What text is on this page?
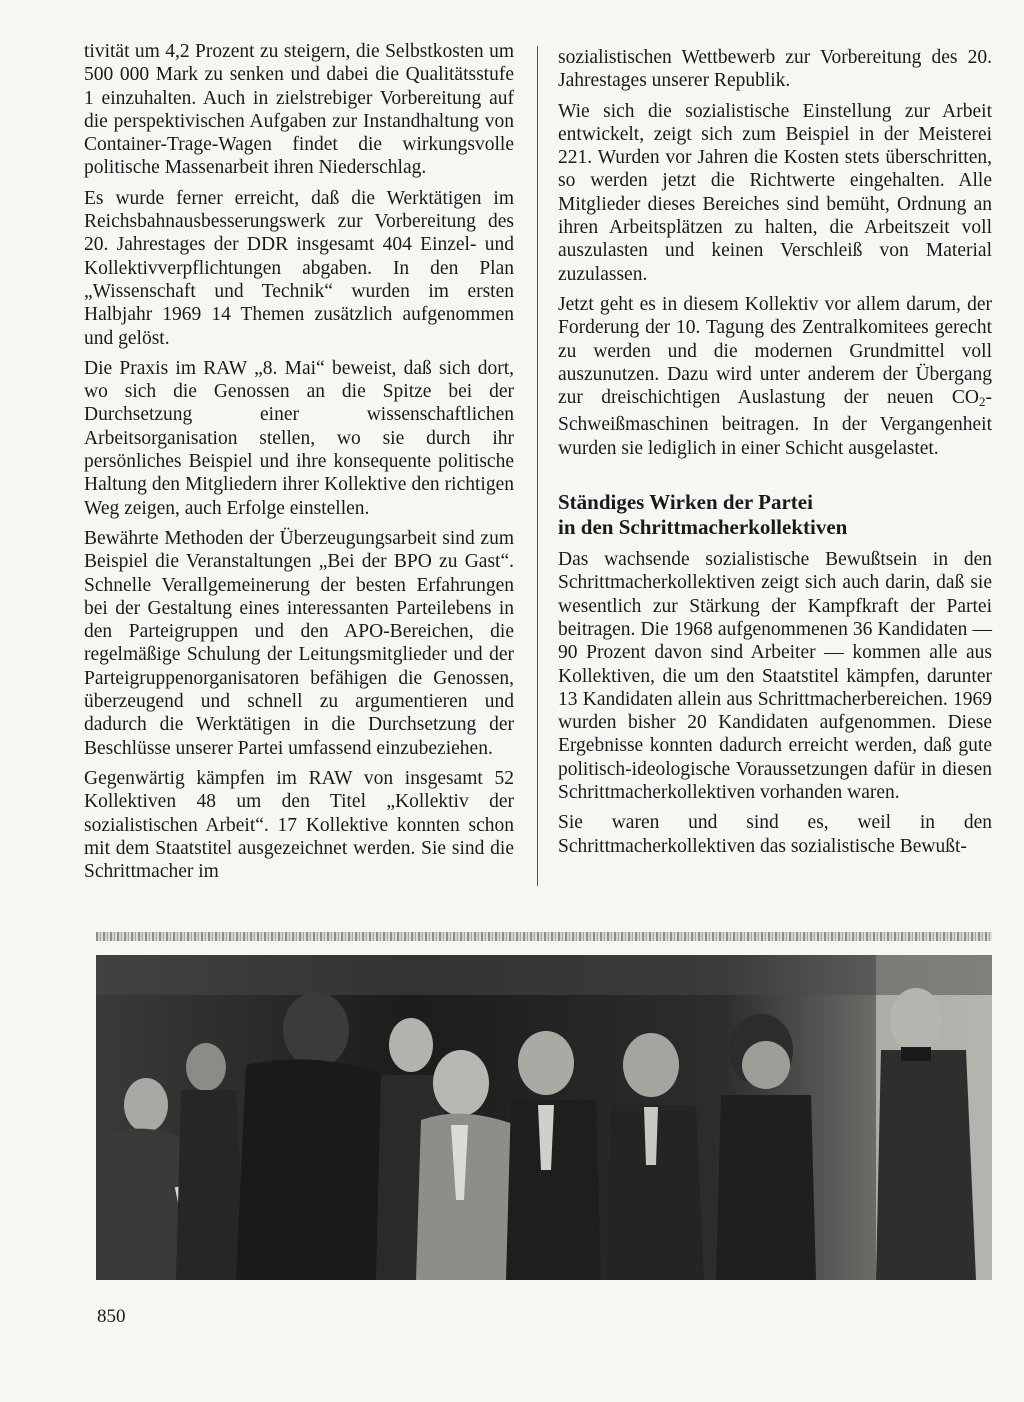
tivität um 4,2 Prozent zu steigern, die Selbstkosten um 500 000 Mark zu senken und dabei die Qualitätsstufe 1 einzuhalten. Auch in zielstrebiger Vorbereitung auf die perspektivischen Aufgaben zur Instandhaltung von Container-Trage-Wagen findet die wirkungsvolle politische Massenarbeit ihren Niederschlag.

Es wurde ferner erreicht, daß die Werktätigen im Reichsbahnausbesserungswerk zur Vorbereitung des 20. Jahrestages der DDR insgesamt 404 Einzel- und Kollektivverpflichtungen abgaben. In den Plan „Wissenschaft und Technik“ wurden im ersten Halbjahr 1969 14 Themen zusätzlich aufgenommen und gelöst.

Die Praxis im RAW „8. Mai“ beweist, daß sich dort, wo sich die Genossen an die Spitze bei der Durchsetzung einer wissenschaftlichen Arbeitsorganisation stellen, wo sie durch ihr persönliches Beispiel und ihre konsequente politische Haltung den Mitgliedern ihrer Kollektive den richtigen Weg zeigen, auch Erfolge einstellen.

Bewährte Methoden der Überzeugungsarbeit sind zum Beispiel die Veranstaltungen „Bei der BPO zu Gast“. Schnelle Verallgemeinerung der besten Erfahrungen bei der Gestaltung eines interessanten Parteilebens in den Parteigruppen und den APO-Bereichen, die regelmäßige Schulung der Leitungsmitglieder und der Parteigruppenorganisatoren befähigen die Genossen, überzeugend und schnell zu argumentieren und dadurch die Werktätigen in die Durchsetzung der Beschlüsse unserer Partei umfassend einzubeziehen.

Gegenwärtig kämpfen im RAW von insgesamt 52 Kollektiven 48 um den Titel „Kollektiv der sozialistischen Arbeit“. 17 Kollektive konnten schon mit dem Staatstitel ausgezeichnet werden. Sie sind die Schrittmacher im

sozialistischen Wettbewerb zur Vorbereitung des 20. Jahrestages unserer Republik.

Wie sich die sozialistische Einstellung zur Arbeit entwickelt, zeigt sich zum Beispiel in der Meisterei 221. Wurden vor Jahren die Kosten stets überschritten, so werden jetzt die Richtwerte eingehalten. Alle Mitglieder dieses Bereiches sind bemüht, Ordnung an ihren Arbeitsplätzen zu halten, die Arbeitszeit voll auszulasten und keinen Verschleiß von Material zuzulassen.

Jetzt geht es in diesem Kollektiv vor allem darum, der Forderung der 10. Tagung des Zentralkomitees gerecht zu werden und die modernen Grundmittel voll auszunutzen. Dazu wird unter anderem der Übergang zur dreischichtigen Auslastung der neuen $CO_2$-Schweißmaschinen beitragen. In der Vergangenheit wurden sie lediglich in einer Schicht ausgelastet.

Ständiges Wirken der Partei
in den Schrittmacherkollektiven

Das wachsende sozialistische Bewußtsein in den Schrittmacherkollektiven zeigt sich auch darin, daß sie wesentlich zur Stärkung der Kampfkraft der Partei beitragen. Die 1968 aufgenommenen 36 Kandidaten — 90 Prozent davon sind Arbeiter — kommen alle aus Kollektiven, die um den Staatstitel kämpfen, darunter 13 Kandidaten allein aus Schrittmacherbereichen. 1969 wurden bisher 20 Kandidaten aufgenommen. Diese Ergebnisse konnten dadurch erreicht werden, daß gute politisch-ideologische Voraussetzungen dafür in diesen Schrittmacherkollektiven vorhanden waren.

Sie waren und sind es, weil in den Schrittmacherkollektiven das sozialistische Bewußt-

850
